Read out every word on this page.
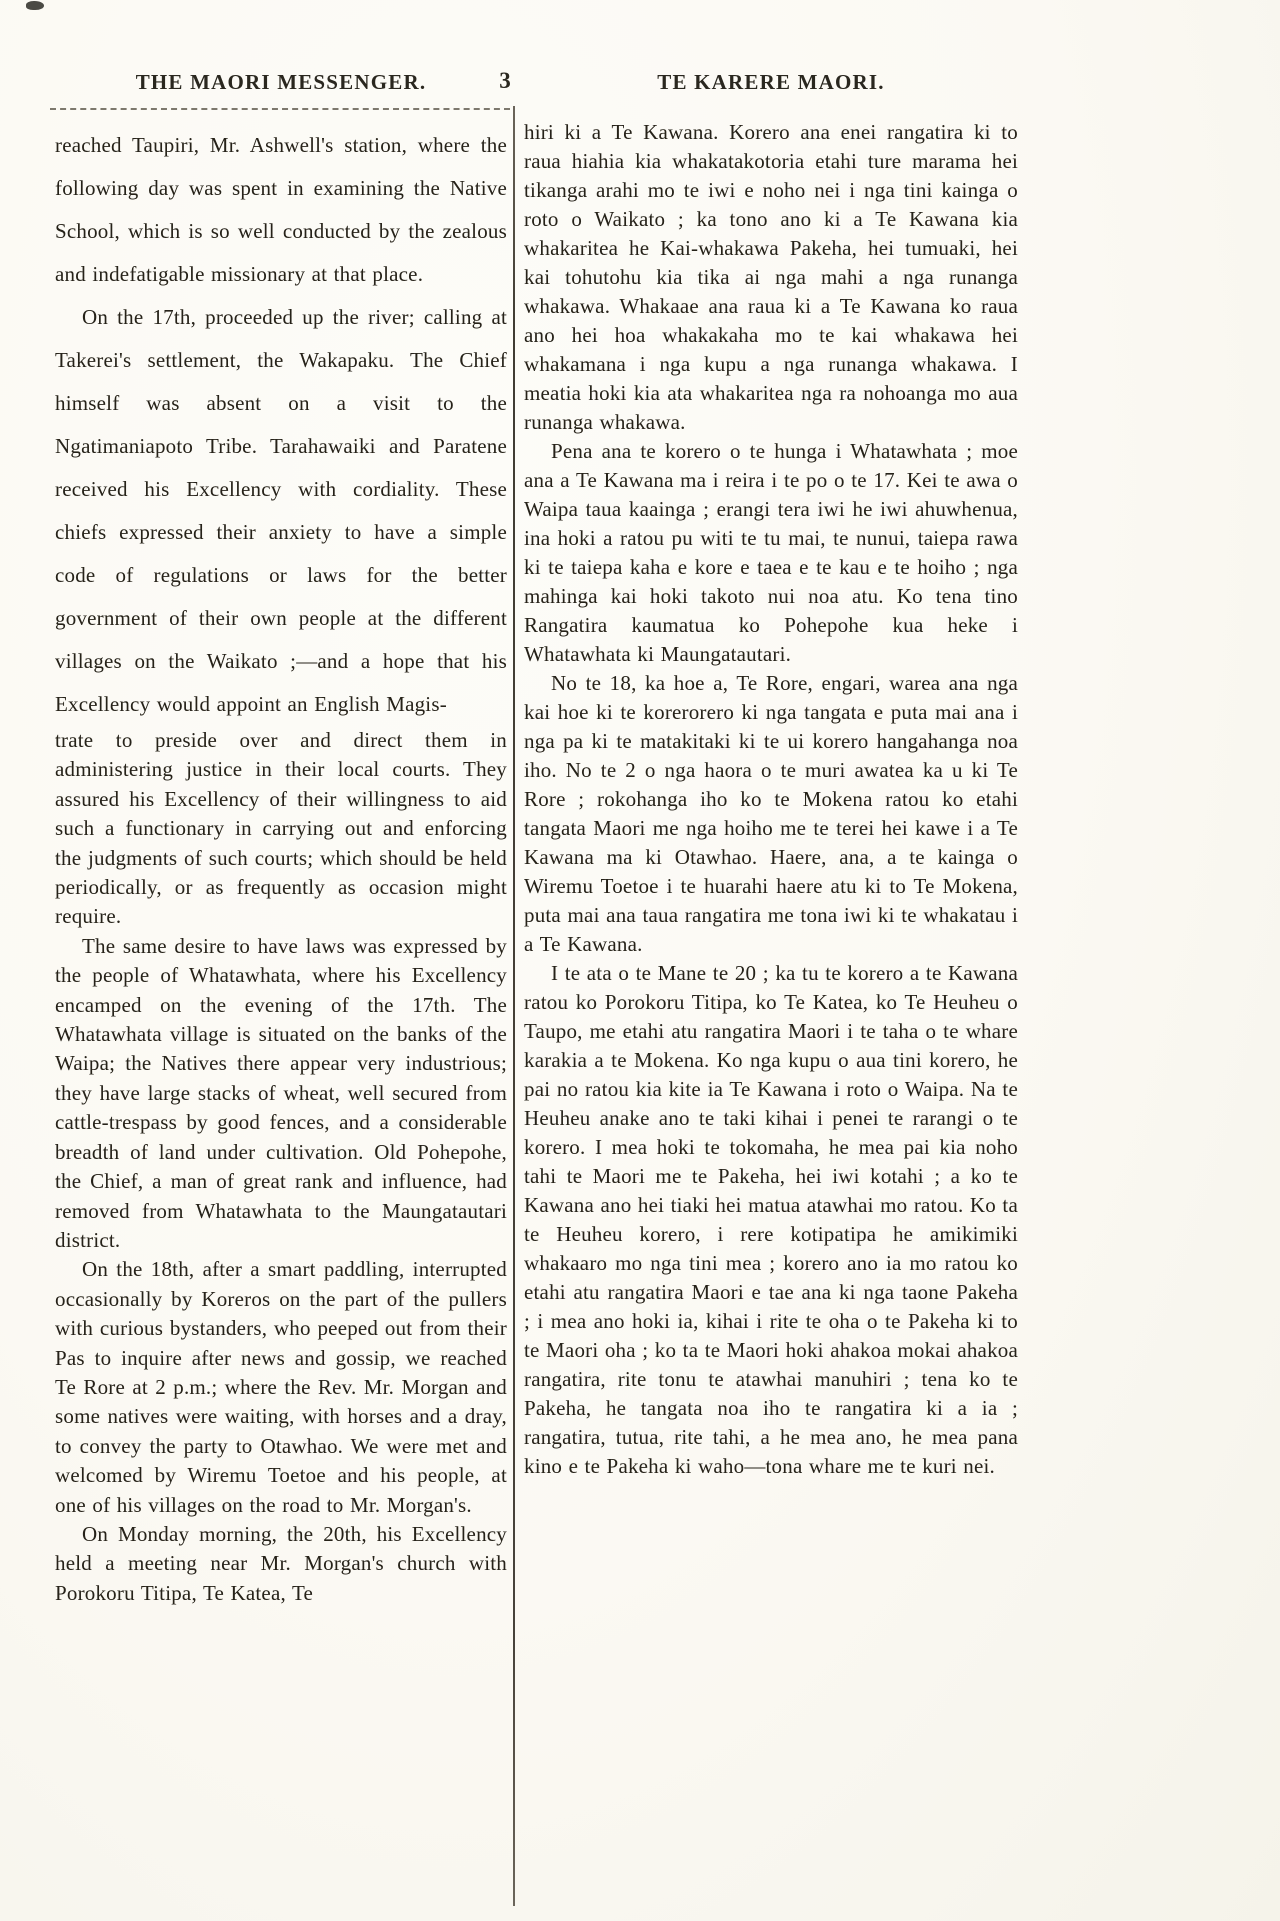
THE MAORI MESSENGER.	3	TE KARERE MAORI.

reached Taupiri, Mr. Ashwell's station, where the following day was spent in examining the Native School, which is so well conducted by the zealous and indefatigable missionary at that place.

On the 17th, proceeded up the river; calling at Takerei's settlement, the Wakapaku. The Chief himself was absent on a visit to the Ngatimaniapoto Tribe. Tarahawaiki and Paratene received his Excellency with cordiality. These chiefs expressed their anxiety to have a simple code of regulations or laws for the better government of their own people at the different villages on the Waikato ;—and a hope that his Excellency would appoint an English Magis-

trate to preside over and direct them in administering justice in their local courts. They assured his Excellency of their willingness to aid such a functionary in carrying out and enforcing the judgments of such courts; which should be held periodically, or as frequently as occasion might require.

The same desire to have laws was expressed by the people of Whatawhata, where his Excellency encamped on the evening of the 17th. The Whatawhata village is situated on the banks of the Waipa; the Natives there appear very industrious; they have large stacks of wheat, well secured from cattle-trespass by good fences, and a considerable breadth of land under cultivation. Old Pohepohe, the Chief, a man of great rank and influence, had removed from Whatawhata to the Maungatautari district.

On the 18th, after a smart paddling, interrupted occasionally by Koreros on the part of the pullers with curious bystanders, who peeped out from their Pas to inquire after news and gossip, we reached Te Rore at 2 p.m.; where the Rev. Mr. Morgan and some natives were waiting, with horses and a dray, to convey the party to Otawhao. We were met and welcomed by Wiremu Toetoe and his people, at one of his villages on the road to Mr. Morgan's.

On Monday morning, the 20th, his Excellency held a meeting near Mr. Morgan's church with Porokoru Titipa, Te Katea, Te

hiri ki a Te Kawana. Korero ana enei rangatira ki to raua hiahia kia whakatakotoria etahi ture marama hei tikanga arahi mo te iwi e noho nei i nga tini kainga o roto o Waikato ; ka tono ano ki a Te Kawana kia whakaritea he Kai-whakawa Pakeha, hei tumuaki, hei kai tohutohu kia tika ai nga mahi a nga runanga whakawa. Whakaae ana raua ki a Te Kawana ko raua ano hei hoa whakakaha mo te kai whakawa hei whakamana i nga kupu a nga runanga whakawa. I meatia hoki kia ata whakaritea nga ra nohoanga mo aua runanga whakawa.

Pena ana te korero o te hunga i Whatawhata ; moe ana a Te Kawana ma i reira i te po o te 17. Kei te awa o Waipa taua kaainga ; erangi tera iwi he iwi ahuwhenua, ina hoki a ratou pu witi te tu mai, te nunui, taiepa rawa ki te taiepa kaha e kore e taea e te kau e te hoiho ; nga mahinga kai hoki takoto nui noa atu. Ko tena tino Rangatira kaumatua ko Pohepohe kua heke i Whatawhata ki Maungatautari.

No te 18, ka hoe a, Te Rore, engari, warea ana nga kai hoe ki te korerorero ki nga tangata e puta mai ana i nga pa ki te matakitaki ki te ui korero hangahanga noa iho. No te 2 o nga haora o te muri awatea ka u ki Te Rore ; rokohanga iho ko te Mokena ratou ko etahi tangata Maori me nga hoiho me te terei hei kawe i a Te Kawana ma ki Otawhao. Haere, ana, a te kainga o Wiremu Toetoe i te huarahi haere atu ki to Te Mokena, puta mai ana taua rangatira me tona iwi ki te whakatau i a Te Kawana.

I te ata o te Mane te 20 ; ka tu te korero a te Kawana ratou ko Porokoru Titipa, ko Te Katea, ko Te Heuheu o Taupo, me etahi atu rangatira Maori i te taha o te whare karakia a te Mokena. Ko nga kupu o aua tini korero, he pai no ratou kia kite ia Te Kawana i roto o Waipa. Na te Heuheu anake ano te taki kihai i penei te rarangi o te korero. I mea hoki te tokomaha, he mea pai kia noho tahi te Maori me te Pakeha, hei iwi kotahi ; a ko te Kawana ano hei tiaki hei matua atawhai mo ratou. Ko ta te Heuheu korero, i rere kotipatipa he amikimiki whakaaro mo nga tini mea ; korero ano ia mo ratou ko etahi atu rangatira Maori e tae ana ki nga taone Pakeha ; i mea ano hoki ia, kihai i rite te oha o te Pakeha ki to te Maori oha ; ko ta te Maori hoki ahakoa mokai ahakoa rangatira, rite tonu te atawhai manuhiri ; tena ko te Pakeha, he tangata noa iho te rangatira ki a ia ; rangatira, tutua, rite tahi, a he mea ano, he mea pana kino e te Pakeha ki waho—tona whare me te kuri nei.
